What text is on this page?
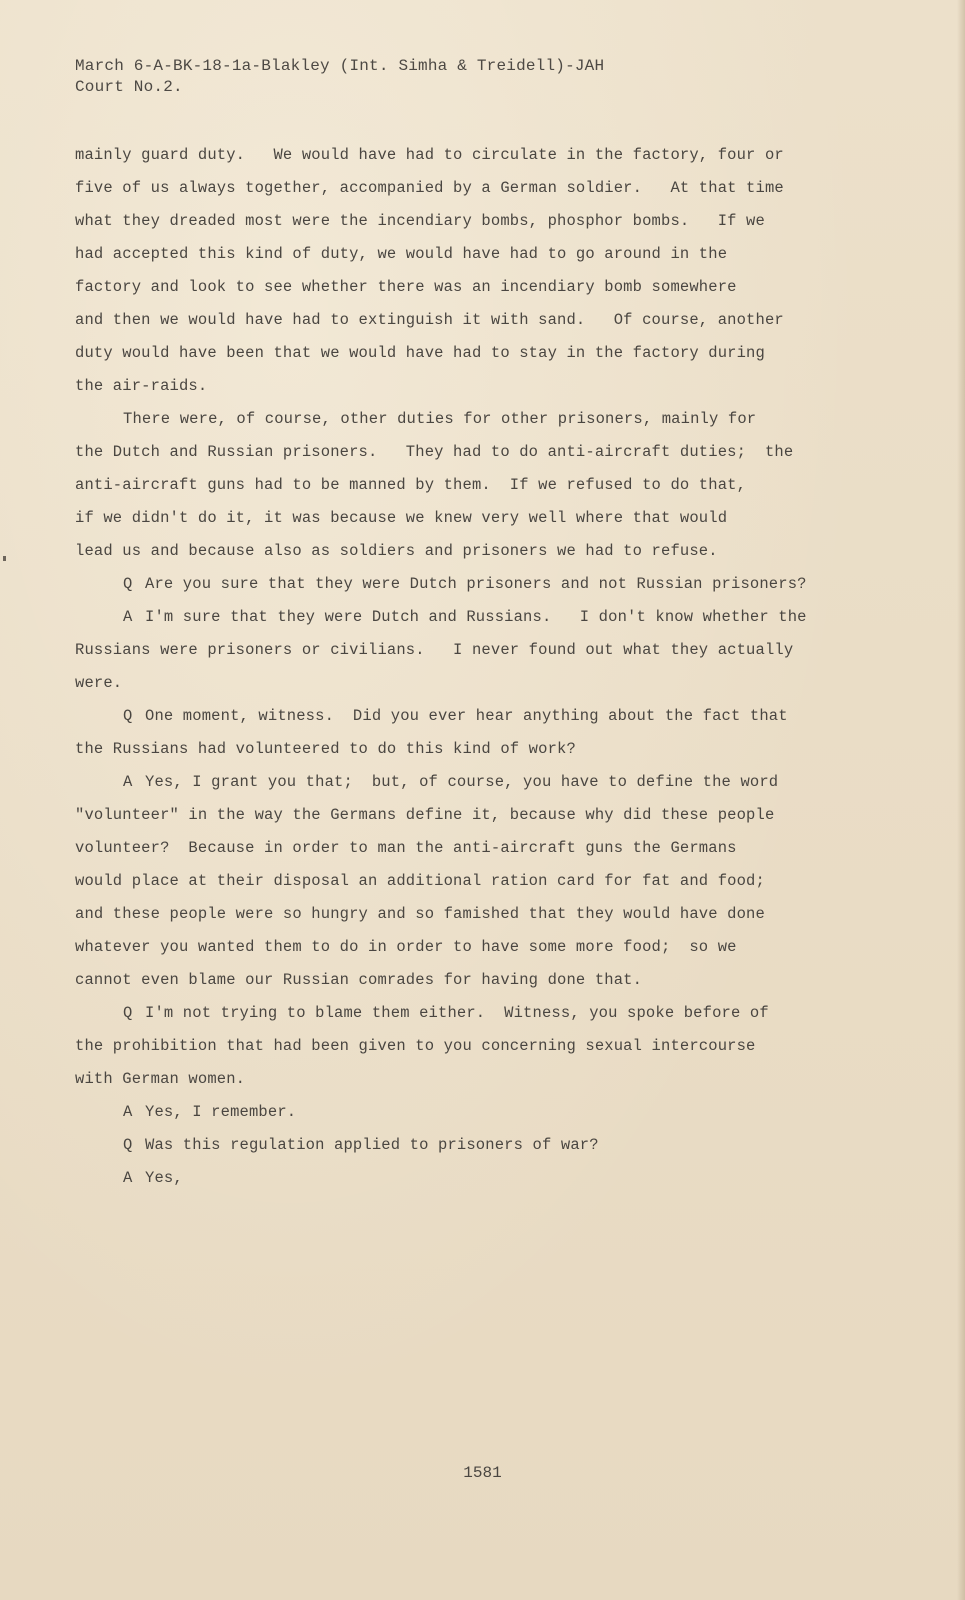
March 6-A-BK-18-1a-Blakley (Int. Simha & Treidell)-JAH
Court No.2.
mainly guard duty.   We would have had to circulate in the factory, four or
five of us always together, accompanied by a German soldier.   At that time
what they dreaded most were the incendiary bombs, phosphor bombs.   If we
had accepted this kind of duty, we would have had to go around in the
factory and look to see whether there was an incendiary bomb somewhere
and then we would have had to extinguish it with sand.   Of course, another
duty would have been that we would have had to stay in the factory during
the air-raids.
There were, of course, other duties for other prisoners, mainly for
the Dutch and Russian prisoners.   They had to do anti-aircraft duties;  the
anti-aircraft guns had to be manned by them.  If we refused to do that,
if we didn't do it, it was because we knew very well where that would
lead us and because also as soldiers and prisoners we had to refuse.
Q Are you sure that they were Dutch prisoners and not Russian prisoners?
A I'm sure that they were Dutch and Russians.   I don't know whether the
Russians were prisoners or civilians.   I never found out what they actually
were.
Q One moment, witness.  Did you ever hear anything about the fact that
the Russians had volunteered to do this kind of work?
A Yes, I grant you that;  but, of course, you have to define the word
"volunteer" in the way the Germans define it, because why did these people
volunteer?  Because in order to man the anti-aircraft guns the Germans
would place at their disposal an additional ration card for fat and food;
and these people were so hungry and so famished that they would have done
whatever you wanted them to do in order to have some more food;  so we
cannot even blame our Russian comrades for having done that.
Q I'm not trying to blame them either.  Witness, you spoke before of
the prohibition that had been given to you concerning sexual intercourse
with German women.
A Yes, I remember.
Q Was this regulation applied to prisoners of war?
A Yes,
1581
